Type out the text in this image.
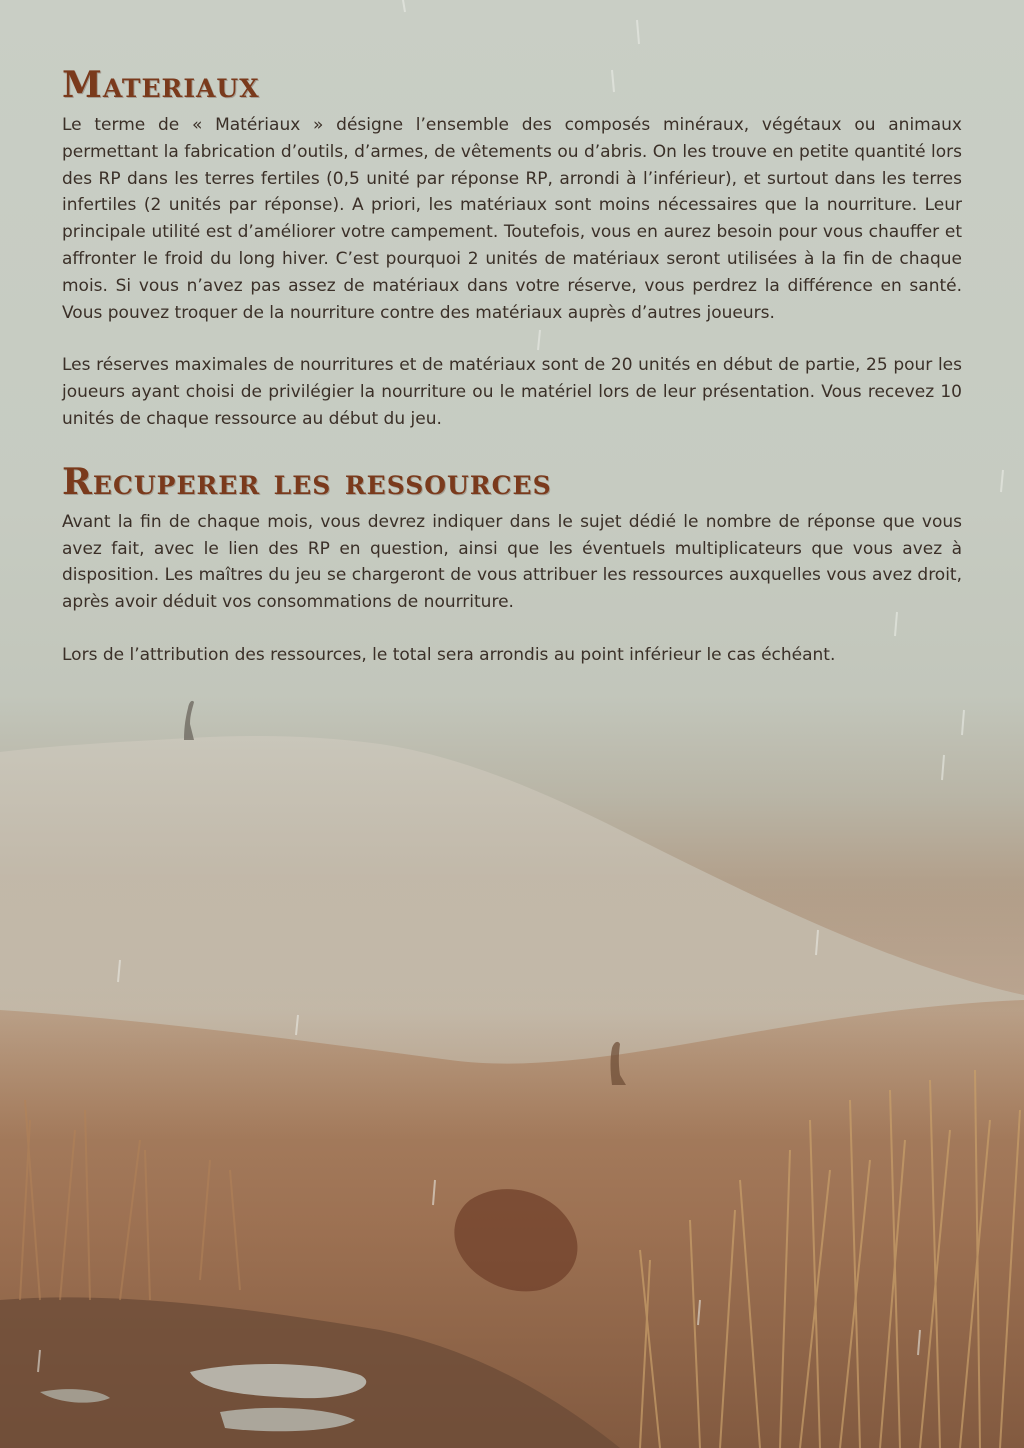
Materiaux

Le terme de « Matériaux » désigne l’ensemble des composés minéraux, végétaux ou animaux permettant la fabrication d’outils, d’armes, de vêtements ou d’abris. On les trouve en petite quantité lors des RP dans les terres fertiles (0,5 unité par réponse RP, arrondi à l’inférieur), et surtout dans les terres infertiles (2 unités par réponse). A priori, les matériaux sont moins nécessaires que la nourriture. Leur principale utilité est d’améliorer votre campement. Toutefois, vous en aurez besoin pour vous chauffer et affronter le froid du long hiver. C’est pourquoi 2 unités de matériaux seront utilisées à la fin de chaque mois. Si vous n’avez pas assez de matériaux dans votre réserve, vous perdrez la différence en santé. Vous pouvez troquer de la nourriture contre des matériaux auprès d’autres joueurs.

Les réserves maximales de nourritures et de matériaux sont de 20 unités en début de partie, 25 pour les joueurs ayant choisi de privilégier la nourriture ou le matériel lors de leur présentation. Vous recevez 10 unités de chaque ressource au début du jeu.

Recuperer les ressources

Avant la fin de chaque mois, vous devrez indiquer dans le sujet dédié le nombre de réponse que vous avez fait, avec le lien des RP en question, ainsi que les éventuels multiplicateurs que vous avez à disposition. Les maîtres du jeu se chargeront de vous attribuer les ressources auxquelles vous avez droit, après avoir déduit vos consommations de nourriture.

Lors de l’attribution des ressources, le total sera arrondis au point inférieur le cas échéant.
